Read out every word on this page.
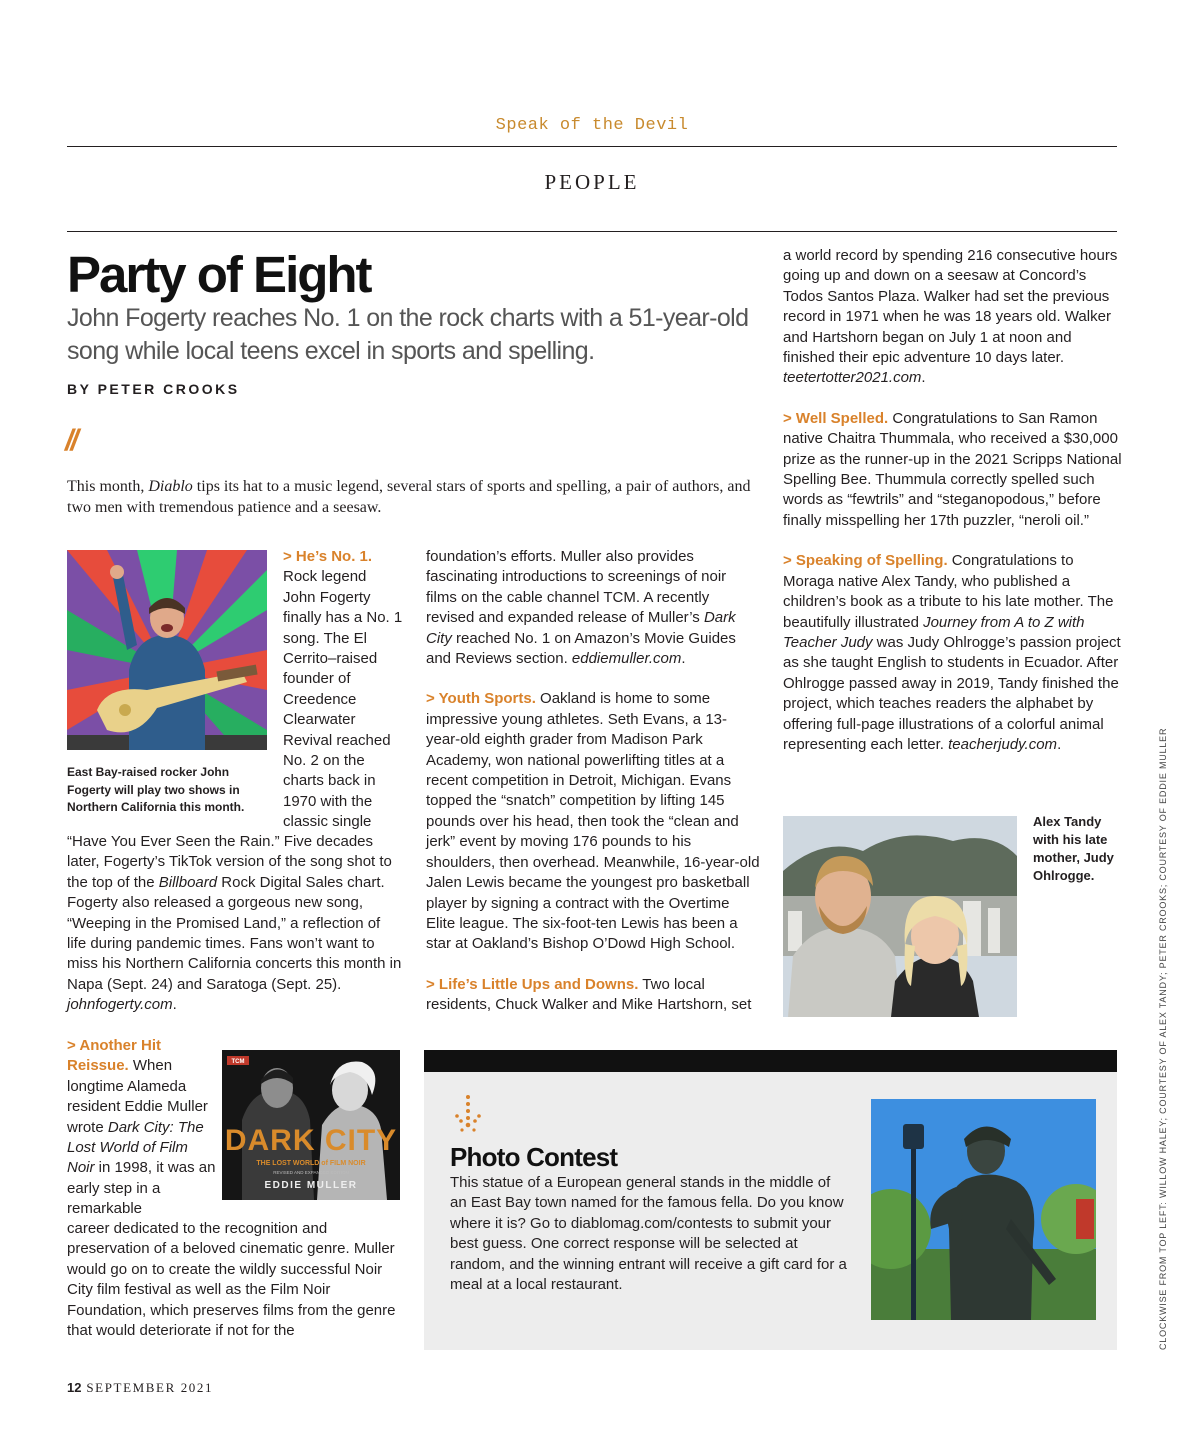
Speak of the Devil
PEOPLE
Party of Eight
John Fogerty reaches No. 1 on the rock charts with a 51-year-old song while local teens excel in sports and spelling.
BY PETER CROOKS
//
This month, Diablo tips its hat to a music legend, several stars of sports and spelling, a pair of authors, and two men with tremendous patience and a seesaw.
East Bay-raised rocker John Fogerty will play two shows in Northern California this month.
> He’s No. 1. Rock legend John Fogerty finally has a No. 1 song. The El Cerrito–raised founder of Creedence Clearwater Revival reached No. 2 on the charts back in 1970 with the classic single
“Have You Ever Seen the Rain.” Five decades later, Fogerty’s TikTok version of the song shot to the top of the Billboard Rock Digital Sales chart. Fogerty also released a gorgeous new song, “Weeping in the Promised Land,” a reflection of life during pandemic times. Fans won’t want to miss his Northern California concerts this month in Napa (Sept. 24) and Saratoga (Sept. 25). johnfogerty.com.
> Another Hit Reissue. When longtime Alameda resident Eddie Muller wrote Dark City: The Lost World of Film Noir in 1998, it was an early step in a remarkable
TCM
DARK CITY
THE LOST WORLD of FILM NOIR
REVISED AND EXPANDED EDITION
EDDIE MULLER
career dedicated to the recognition and preservation of a beloved cinematic genre. Muller would go on to create the wildly successful Noir City film festival as well as the Film Noir Foundation, which preserves films from the genre that would deteriorate if not for the

foundation’s efforts. Muller also provides fascinating introductions to screenings of noir films on the cable channel TCM. A recently revised and expanded release of Muller’s Dark City reached No. 1 on Amazon’s Movie Guides and Reviews section. eddiemuller.com.

> Youth Sports. Oakland is home to some impressive young athletes. Seth Evans, a 13-year-old eighth grader from Madison Park Academy, won national powerlifting titles at a recent competition in Detroit, Michigan. Evans topped the “snatch” competition by lifting 145 pounds over his head, then took the “clean and jerk” event by moving 176 pounds to his shoulders, then overhead. Meanwhile, 16-year-old Jalen Lewis became the youngest pro basketball player by signing a contract with the Overtime Elite league. The six-foot-ten Lewis has been a star at Oakland’s Bishop O’Dowd High School.

> Life’s Little Ups and Downs. Two local residents, Chuck Walker and Mike Hartshorn, set

a world record by spending 216 consecutive hours going up and down on a seesaw at Concord’s Todos Santos Plaza. Walker had set the previous record in 1971 when he was 18 years old. Walker and Hartshorn began on July 1 at noon and finished their epic adventure 10 days later. teetertotter2021.com.

> Well Spelled. Congratulations to San Ramon native Chaitra Thummala, who received a $30,000 prize as the runner-up in the 2021 Scripps National Spelling Bee. Thummula correctly spelled such words as “fewtrils” and “steganopodous,” before finally misspelling her 17th puzzler, “neroli oil.”

> Speaking of Spelling. Congratulations to Moraga native Alex Tandy, who published a children’s book as a tribute to his late mother. The beautifully illustrated Journey from A to Z with Teacher Judy was Judy Ohlrogge’s passion project as she taught English to students in Ecuador. After Ohlrogge passed away in 2019, Tandy finished the project, which teaches readers the alphabet by offering full-page illustrations of a colorful animal representing each letter. teacherjudy.com.

Alex Tandy with his late mother, Judy Ohlrogge.	CLOCKWISE FROM TOP LEFT: WILLOW HALEY; COURTESY OF ALEX TANDY; PETER CROOKS; COURTESY OF EDDIE MULLER
Photo Contest
This statue of a European general stands in the middle of an East Bay town named for the famous fella. Do you know where it is? Go to diablomag.com/contests to submit your best guess. One correct response will be selected at random, and the winning entrant will receive a gift card for a meal at a local restaurant.
12 SEPTEMBER 2021
